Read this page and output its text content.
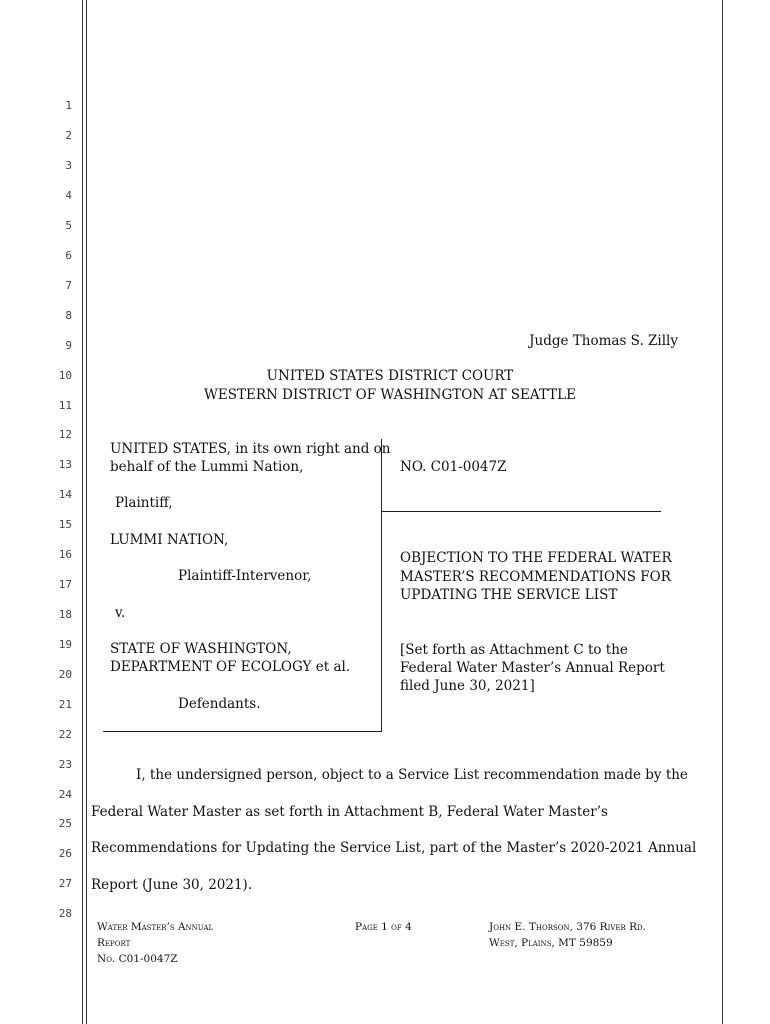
1
2
3
4
5
6
7
8
9
10
11
12
13
14
15
16
17
18
19
20
21
22
23
24
25
26
27
28
Judge Thomas S. Zilly
UNITED STATES DISTRICT COURT
WESTERN DISTRICT OF WASHINGTON AT SEATTLE
UNITED STATES, in its own right and on
behalf of the Lummi Nation,
Plaintiff,
LUMMI NATION,
Plaintiff-Intervenor,
v.
STATE OF WASHINGTON,
DEPARTMENT OF ECOLOGY et al.
Defendants.
NO. C01-0047Z
OBJECTION TO THE FEDERAL WATER
MASTER’S RECOMMENDATIONS FOR
UPDATING THE SERVICE LIST
[Set forth as Attachment C to the
Federal Water Master’s Annual Report
filed June 30, 2021]
I, the undersigned person, object to a Service List recommendation made by the
Federal Water Master as set forth in Attachment B, Federal Water Master’s
Recommendations for Updating the Service List, part of the Master’s 2020-2021 Annual
Report (June 30, 2021).
Water Master’s Annual
Report
No. C01-0047Z
Page 1 of 4	John E. Thorson, 376 River Rd.
West, Plains, MT 59859
